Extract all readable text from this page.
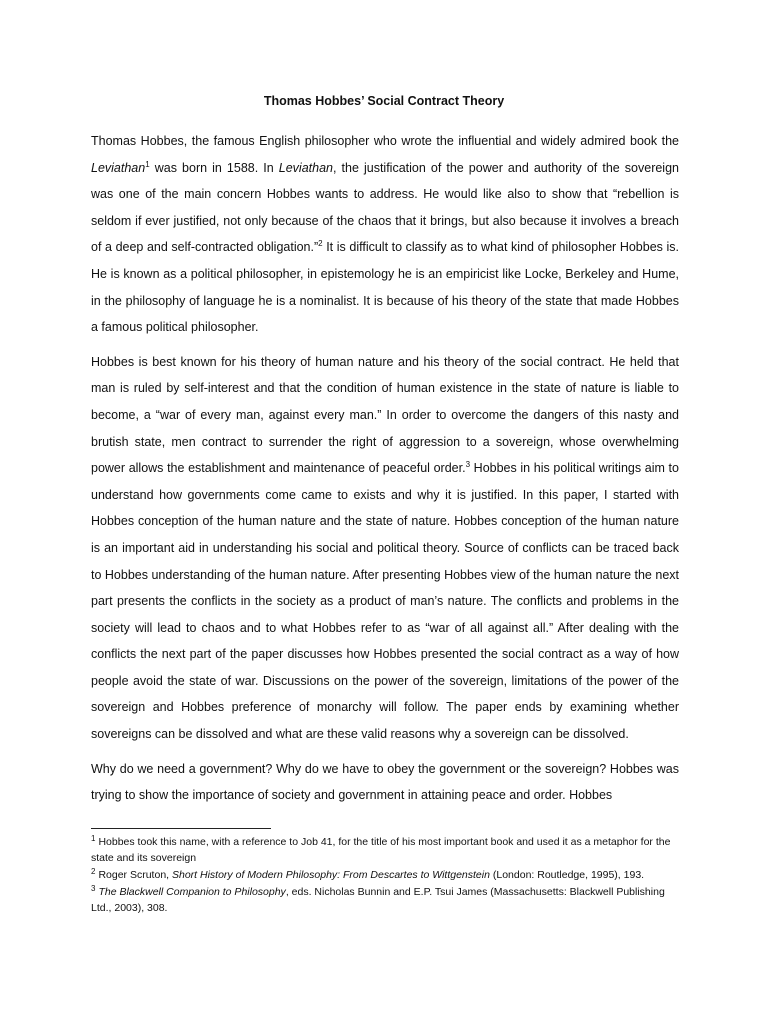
Thomas Hobbes’ Social Contract Theory

Thomas Hobbes, the famous English philosopher who wrote the influential and widely admired book the Leviathan$^1$ was born in 1588. In Leviathan, the justification of the power and authority of the sovereign was one of the main concern Hobbes wants to address. He would like also to show that “rebellion is seldom if ever justified, not only because of the chaos that it brings, but also because it involves a breach of a deep and self-contracted obligation.”$^2$ It is difficult to classify as to what kind of philosopher Hobbes is. He is known as a political philosopher, in epistemology he is an empiricist like Locke, Berkeley and Hume, in the philosophy of language he is a nominalist. It is because of his theory of the state that made Hobbes a famous political philosopher.

Hobbes is best known for his theory of human nature and his theory of the social contract. He held that man is ruled by self-interest and that the condition of human existence in the state of nature is liable to become, a “war of every man, against every man.” In order to overcome the dangers of this nasty and brutish state, men contract to surrender the right of aggression to a sovereign, whose overwhelming power allows the establishment and maintenance of peaceful order.$^3$ Hobbes in his political writings aim to understand how governments come came to exists and why it is justified. In this paper, I started with Hobbes conception of the human nature and the state of nature. Hobbes conception of the human nature is an important aid in understanding his social and political theory. Source of conflicts can be traced back to Hobbes understanding of the human nature. After presenting Hobbes view of the human nature the next part presents the conflicts in the society as a product of man’s nature. The conflicts and problems in the society will lead to chaos and to what Hobbes refer to as “war of all against all.” After dealing with the conflicts the next part of the paper discusses how Hobbes presented the social contract as a way of how people avoid the state of war. Discussions on the power of the sovereign, limitations of the power of the sovereign and Hobbes preference of monarchy will follow. The paper ends by examining whether sovereigns can be dissolved and what are these valid reasons why a sovereign can be dissolved.

Why do we need a government? Why do we have to obey the government or the sovereign? Hobbes was trying to show the importance of society and government in attaining peace and order. Hobbes

$^1$ Hobbes took this name, with a reference to Job 41, for the title of his most important book and used it as a metaphor for the state and its sovereign
$^2$ Roger Scruton, Short History of Modern Philosophy: From Descartes to Wittgenstein (London: Routledge, 1995), 193.
$^3$ The Blackwell Companion to Philosophy, eds. Nicholas Bunnin and E.P. Tsui James (Massachusetts: Blackwell Publishing Ltd., 2003), 308.
